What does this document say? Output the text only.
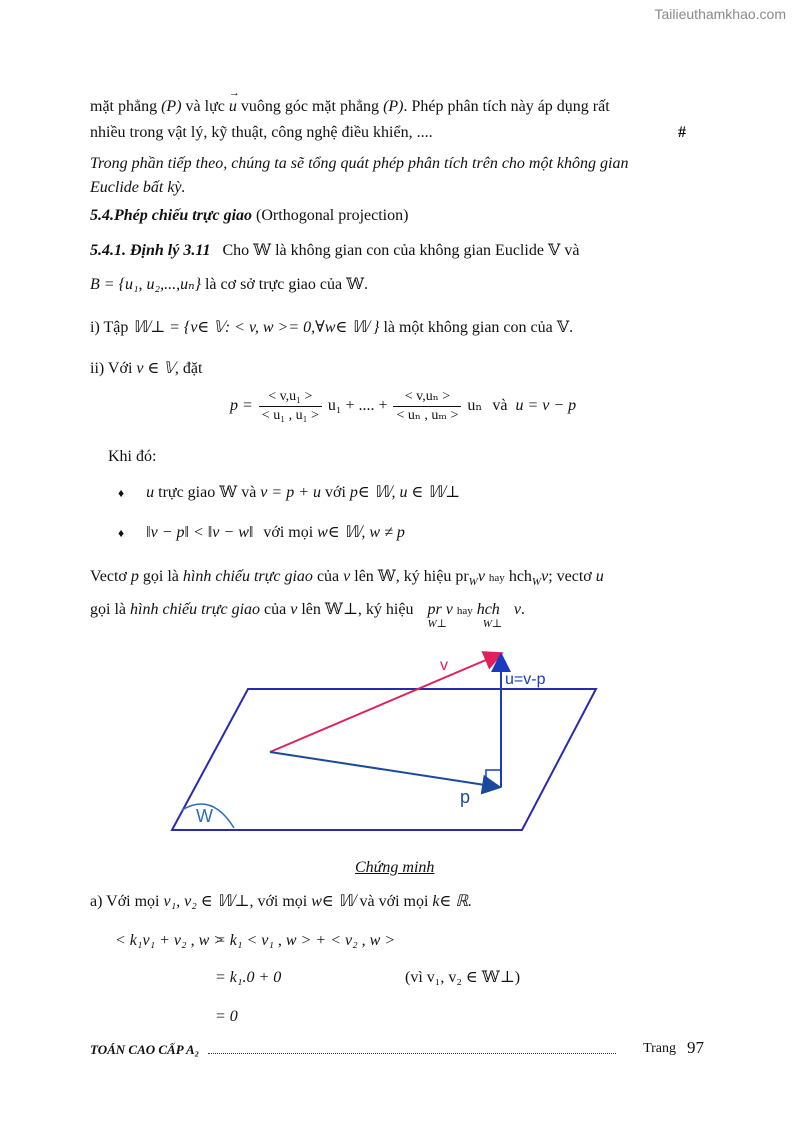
Tailieuthamkhao.com
mặt phẳng (P) và lực
→
u vuông góc mặt phẳng (P). Phép phân tích này áp dụng rất
nhiều trong vật lý, kỹ thuật, công nghệ điều khiển, ....	#
Trong phần tiếp theo, chúng ta sẽ tổng quát phép phân tích trên cho một không gian
Euclide bất kỳ.
5.4.Phép chiếu trực giao (Orthogonal projection)
5.4.1. Định lý 3.11 Cho 𝕎 là không gian con của không gian Euclide 𝕍 và
B = {u₁, u₂,...,uₙ} là cơ sở trực giao của 𝕎.
i) Tập 𝕎⊥ = {v∈ 𝕍: < v, w >= 0,∀w∈ 𝕎 } là một không gian con của 𝕍.
ii) Với v ∈ 𝕍, đặt
$p = \frac{\text{< v,u₁ >}}{\text{< u₁ , u₁ >}} u_1$ + .... + $\frac{\text{< v,uₙ >}}{\text{< uₙ , uₘ >}}$ uₙ và u = v − p
Khi đó:
♦ u trực giao 𝕎 và v = p + u với p∈ 𝕎, u ∈ 𝕎⊥
♦ ‖v − p‖ < ‖v − w‖ với mọi w∈ 𝕎, w ≠ p
Vectơ p gọi là hình chiếu trực giao của v lên 𝕎, ký hiệu $pr_Wv$ hay hch$_W$v; vectơ u
gọi là hình chiếu trực giao của v lên 𝕎⊥, ký hiệu pr
W⊥
v hay hch
W⊥
v.
v
u=v-p
p
W
Chứng minh
a) Với mọi v₁, v₂ ∈ 𝕎⊥, với mọi w∈ 𝕎 và với mọi k∈ ℝ.
< k₁v₁ + v₂ , w >
= k₁ < v₁ , w > + < v₂ , w >
= k₁.0 + 0	(vì v₁, v₂ ∈ 𝕎⊥)
= 0
TOÁN CAO CẤP A₂	Trang 97
